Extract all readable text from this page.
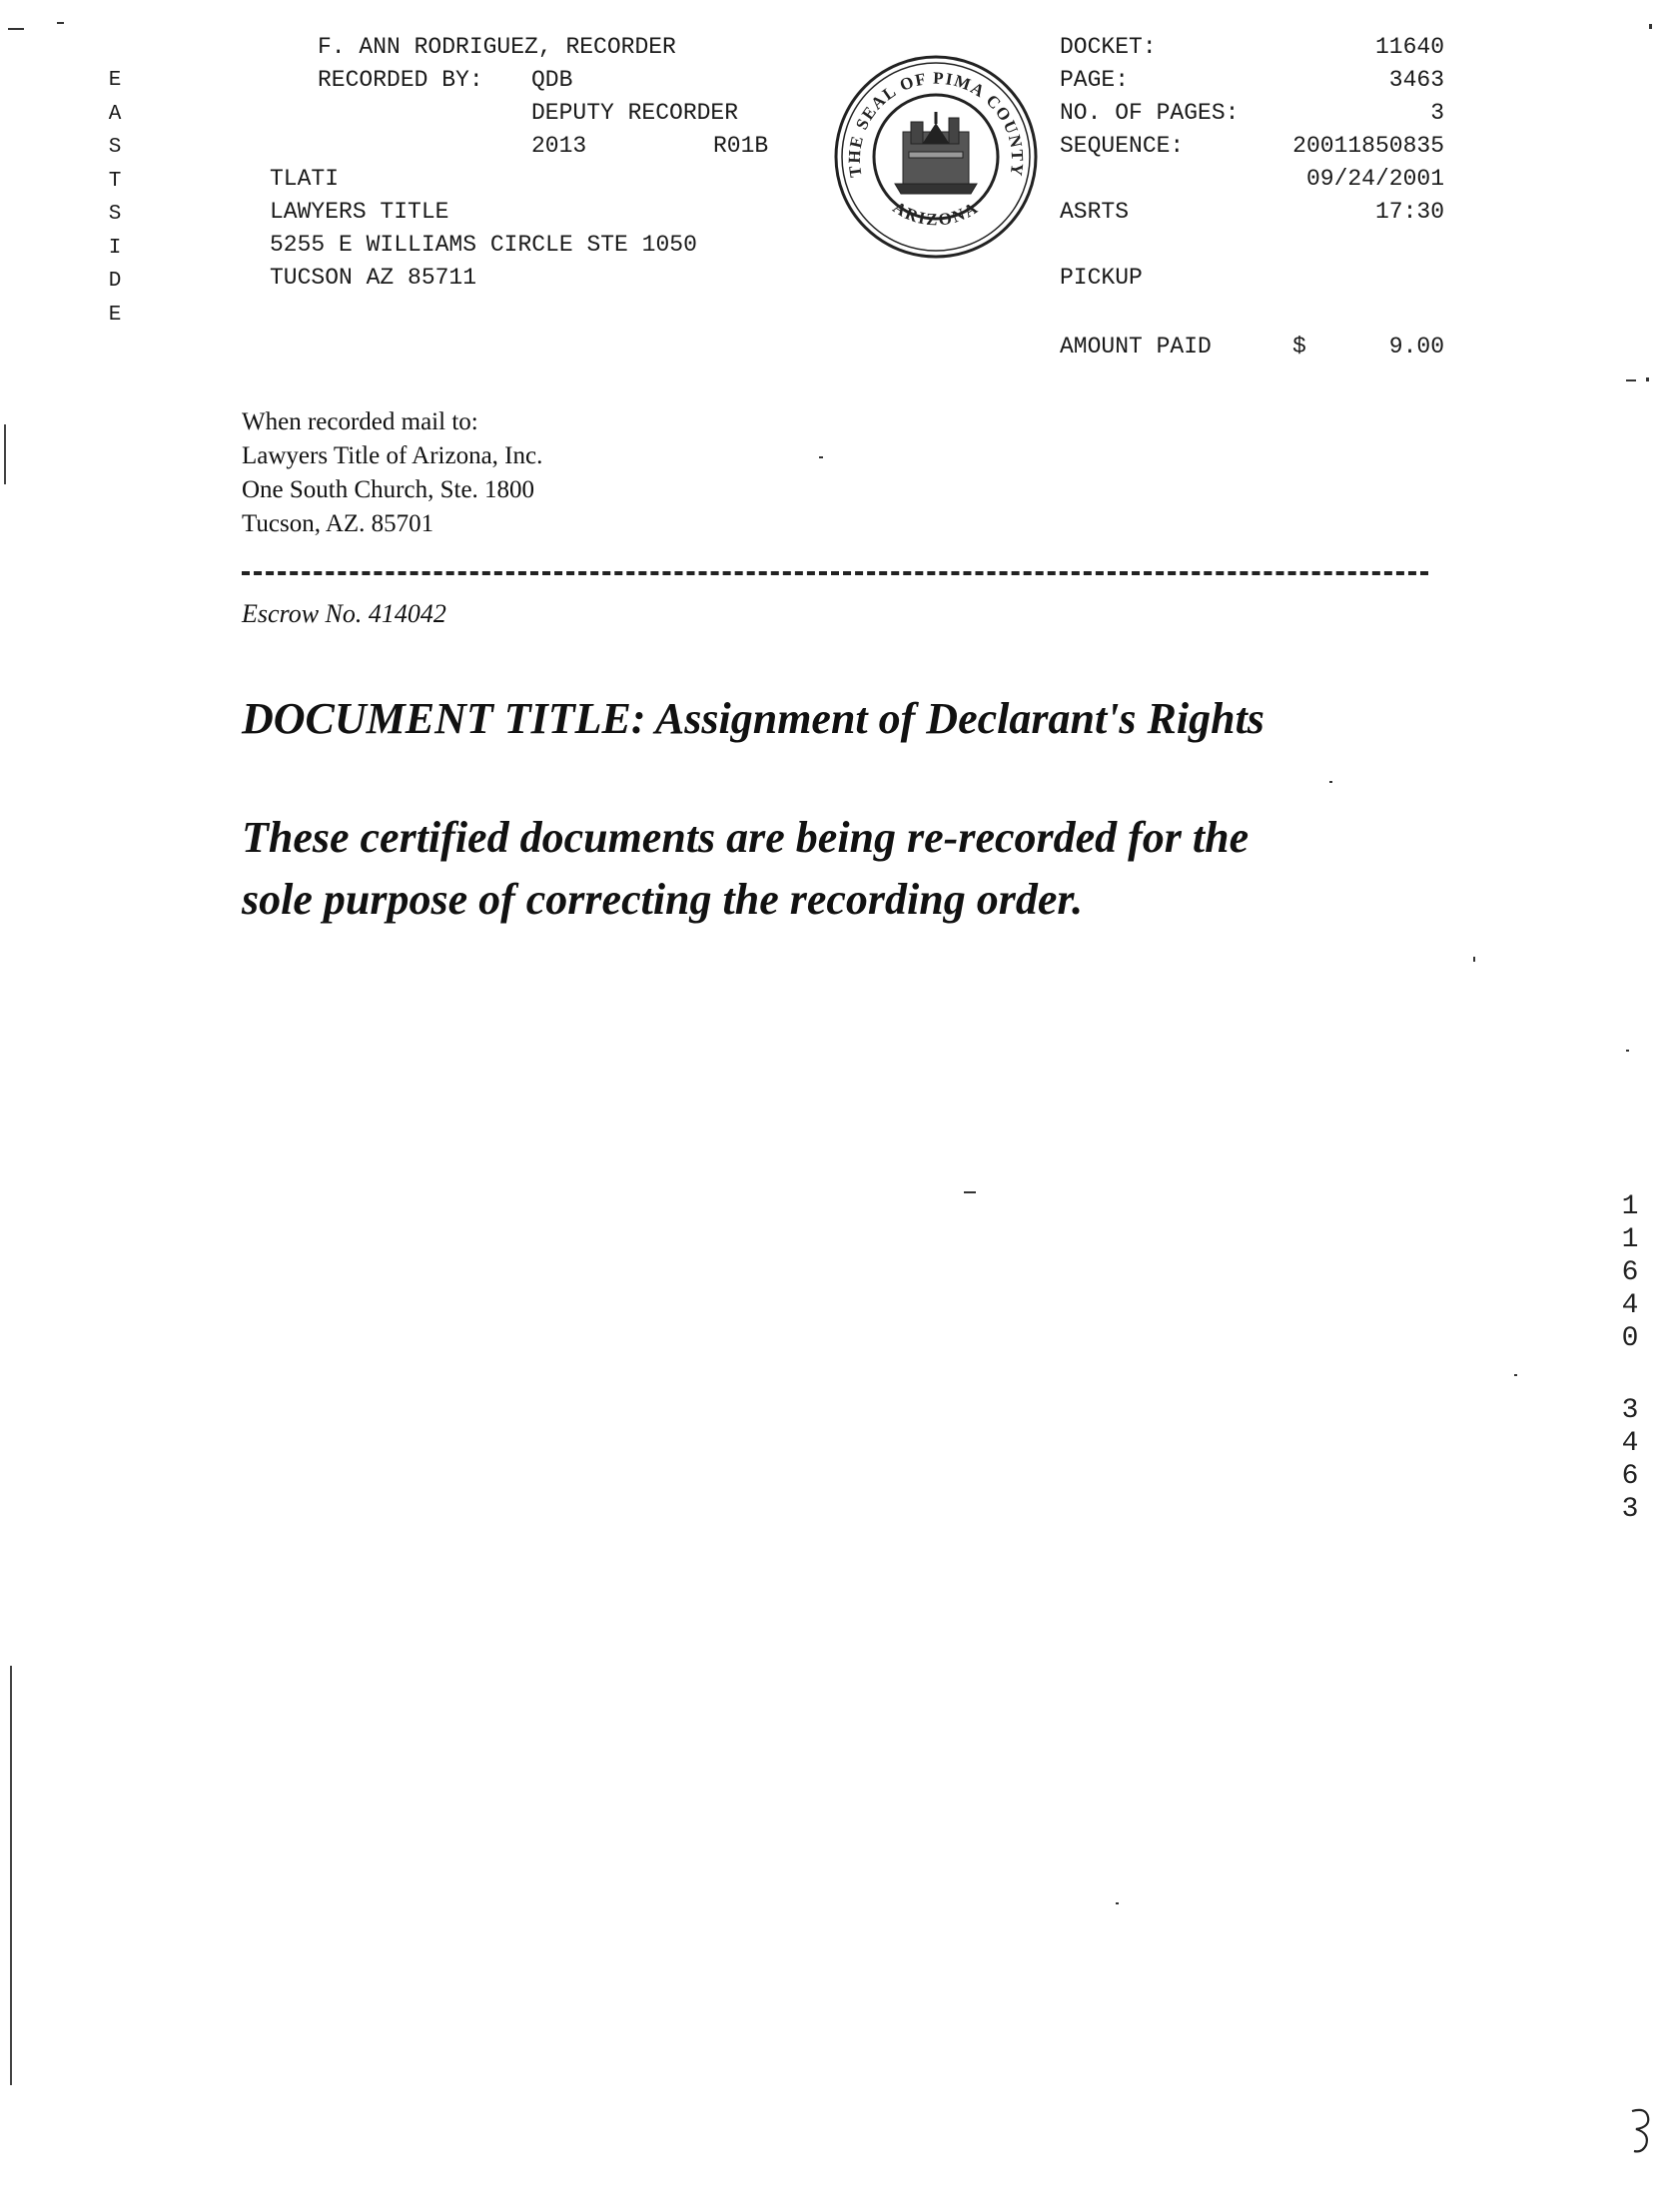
E
A
S
T
S
I
D
E
F. ANN RODRIGUEZ, RECORDER
RECORDED BY: QDB
DEPUTY RECORDER
2013	R01B
TLATI
LAWYERS TITLE
5255 E WILLIAMS CIRCLE STE 1050
TUCSON AZ 85711
THE SEAL OF PIMA COUNTY
ARIZONA
DOCKET:	11640
PAGE:	3463
NO. OF PAGES:	3
SEQUENCE:	20011850835
09/24/2001
ASRTS	17:30
PICKUP
AMOUNT PAID	$	9.00
When recorded mail to:
Lawyers Title of Arizona, Inc.
One South Church, Ste. 1800
Tucson, AZ. 85701
Escrow No. 414042
DOCUMENT TITLE: Assignment of Declarant's Rights
These certified documents are being re-recorded for the
sole purpose of correcting the recording order.
1
1
6
4
0
3
4
6
3
